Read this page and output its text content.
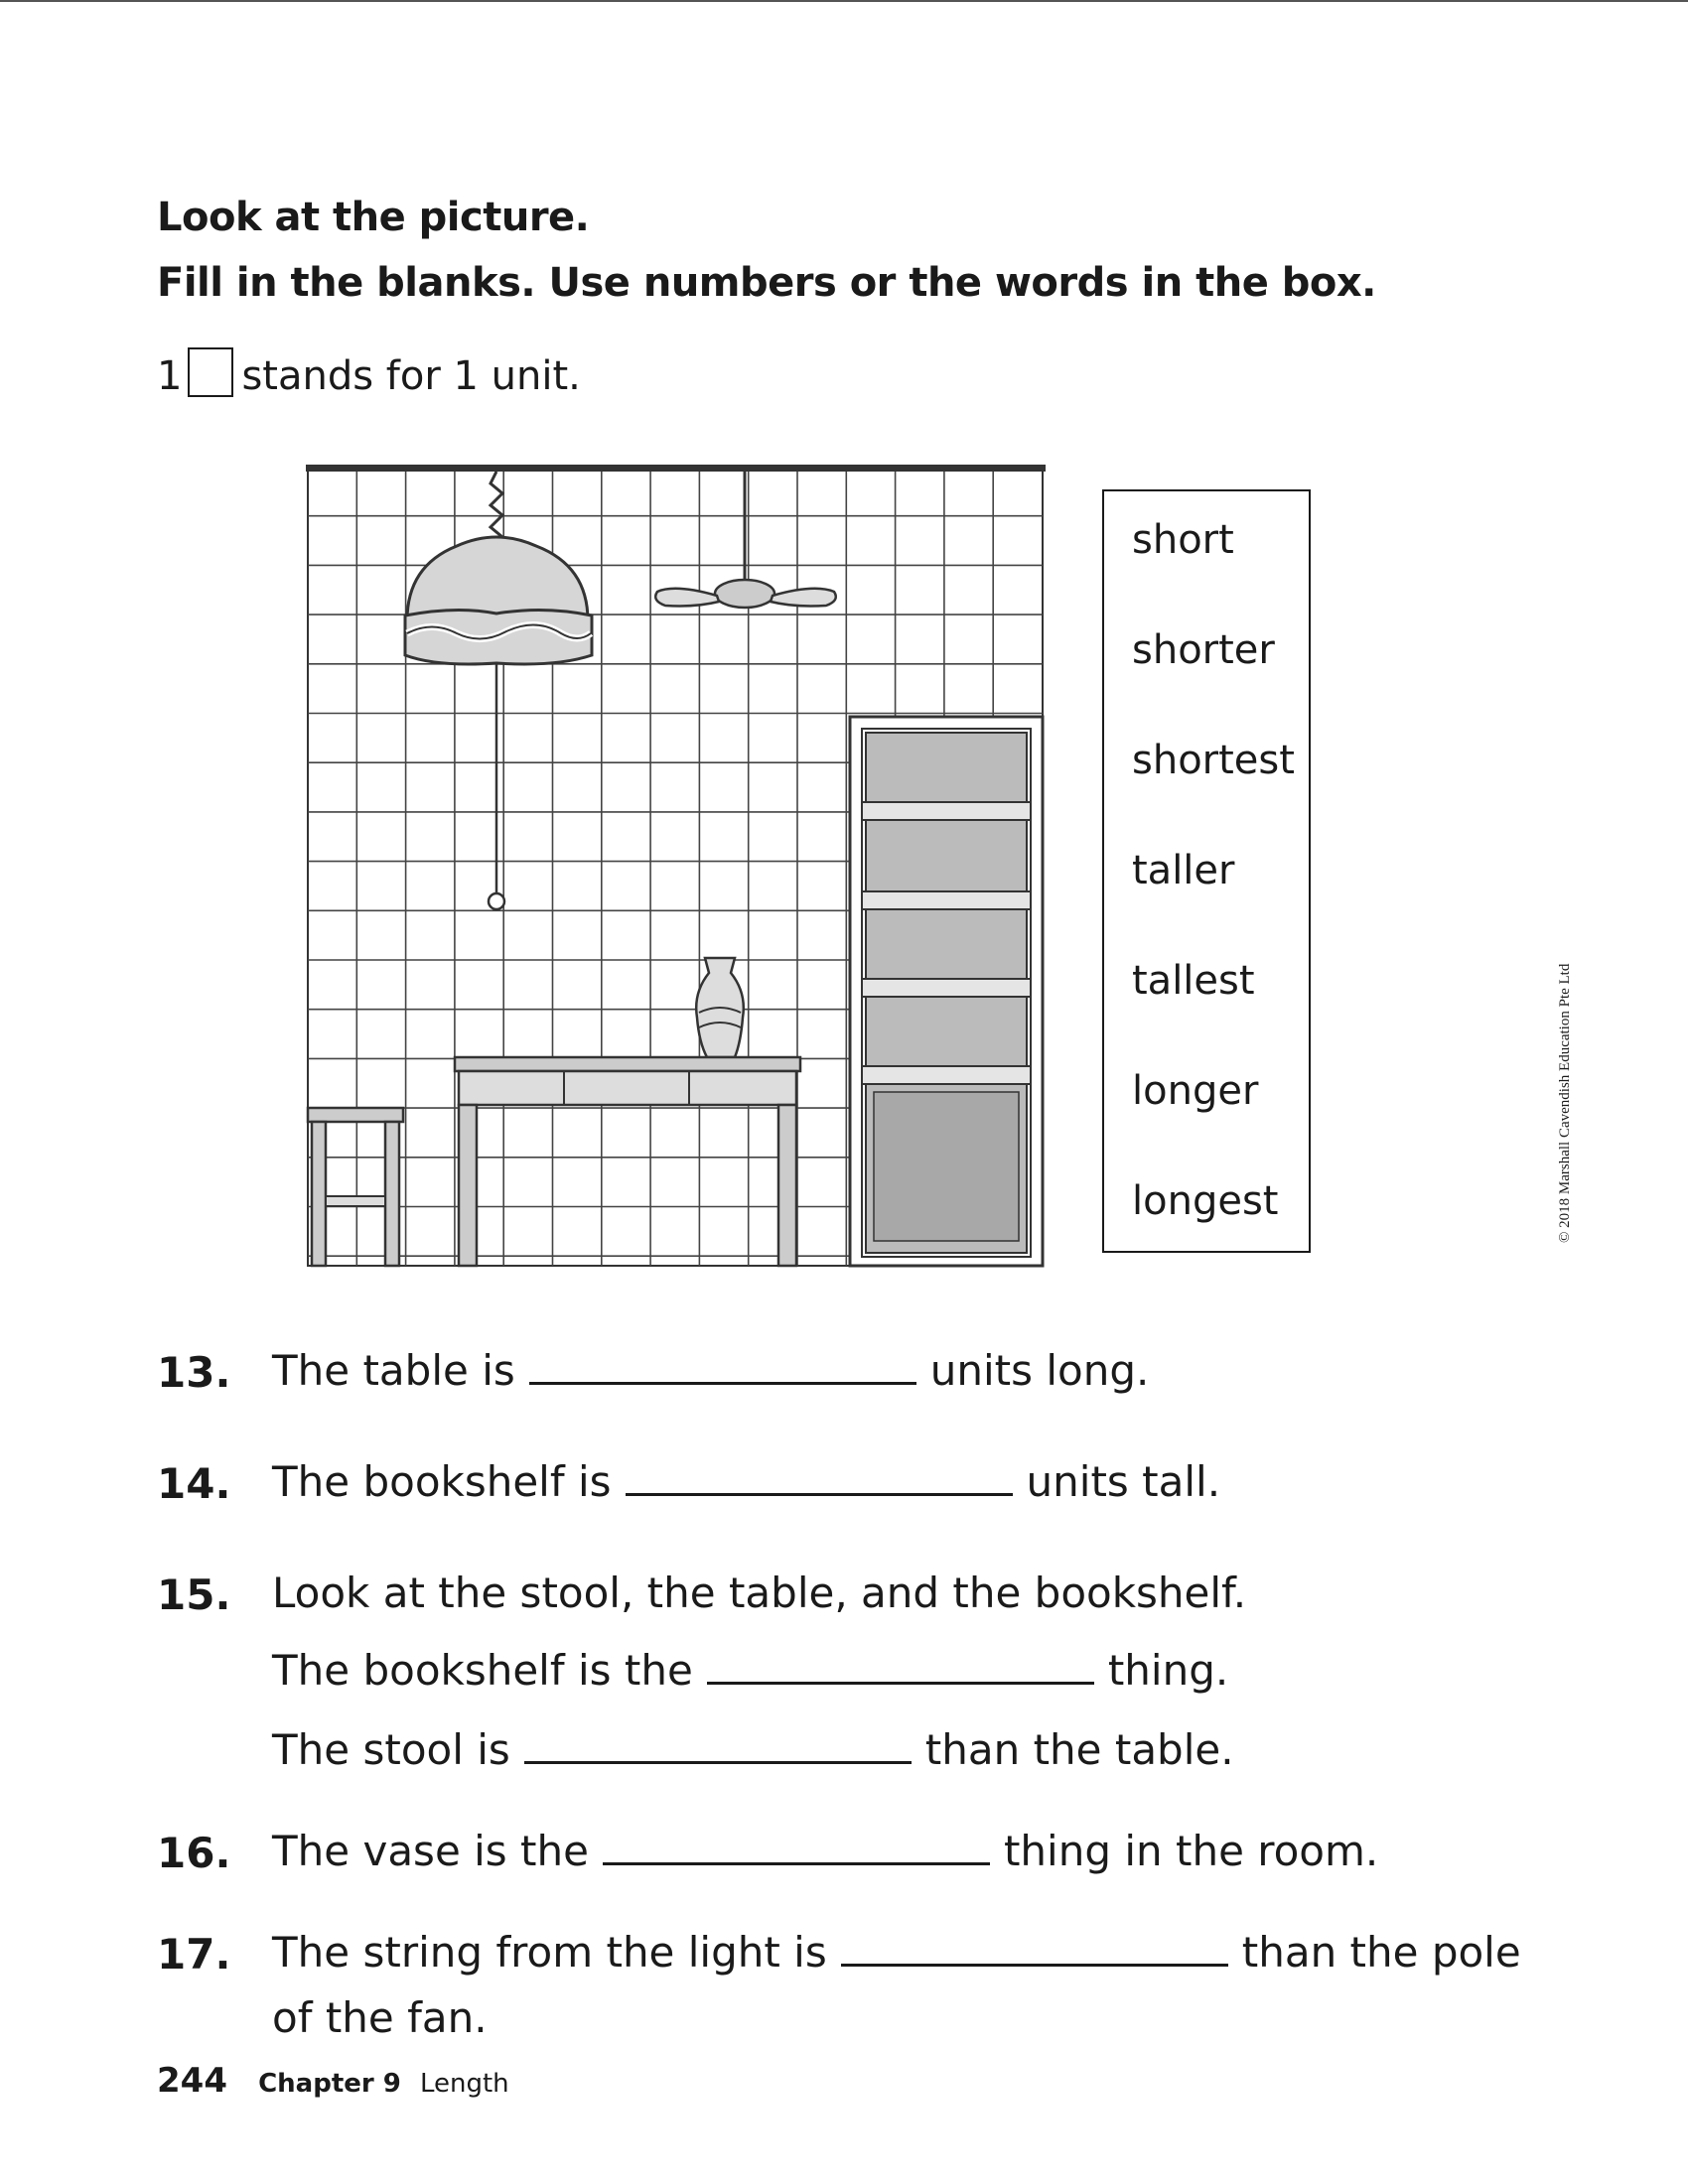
Look at the picture.
Fill in the blanks. Use numbers or the words in the box.
1 stands for 1 unit.
short
shorter
shortest
taller
tallest
longer
longest	© 2018 Marshall Cavendish Education Pte Ltd
13. The table is	units long.
14. The bookshelf is	units tall.
15. Look at the stool, the table, and the bookshelf.
The bookshelf is the	thing.
The stool is	than the table.
16. The vase is the	thing in the room.
17. The string from the light is	than the pole
of the fan.
244 Chapter 9 Length
